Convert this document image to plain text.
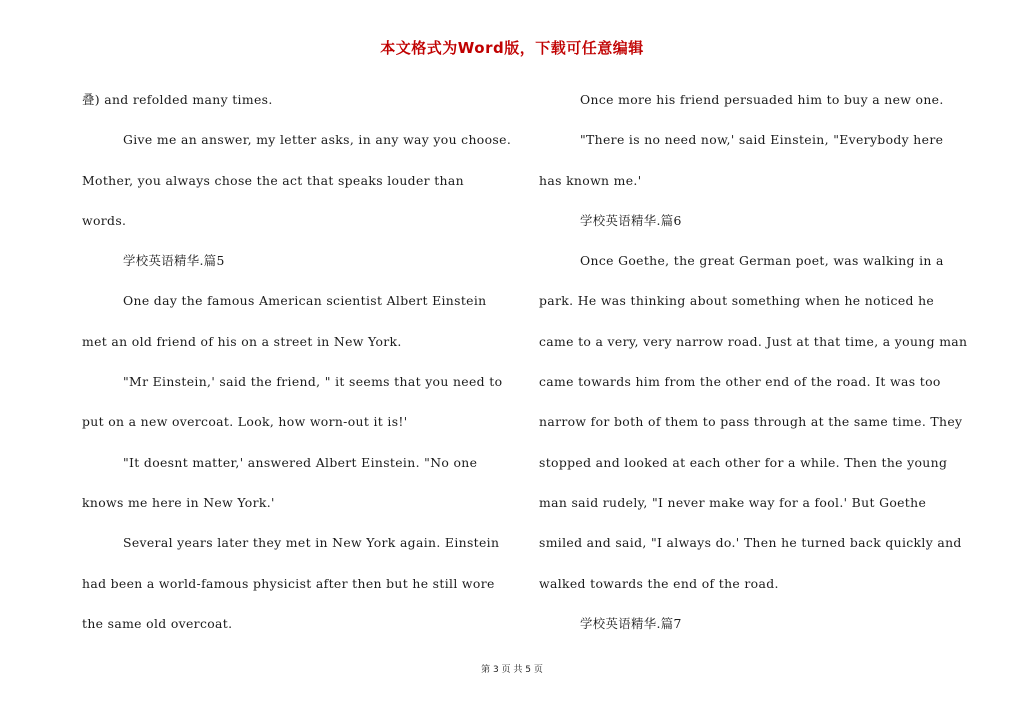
本文格式为Word版，下载可任意编辑

叠) and refolded many times.

Give me an answer, my letter asks, in any way you choose. Mother, you always chose the act that speaks louder than words.

学校英语精华.篇5

One day the famous American scientist Albert Einstein met an old friend of his on a street in New York.

"Mr Einstein,' said the friend, " it seems that you need to put on a new overcoat. Look, how worn-out it is!'

"It doesnt matter,' answered Albert Einstein. "No one knows me here in New York.'

Several years later they met in New York again. Einstein had been a world-famous physicist after then but he still wore the same old overcoat.

Once more his friend persuaded him to buy a new one.

"There is no need now,' said Einstein, "Everybody here has known me.'

学校英语精华.篇6

Once Goethe, the great German poet, was walking in a park. He was thinking about something when he noticed he came to a very, very narrow road. Just at that time, a young man came towards him from the other end of the road. It was too narrow for both of them to pass through at the same time. They stopped and looked at each other for a while. Then the young man said rudely, "I never make way for a fool.' But Goethe smiled and said, "I always do.' Then he turned back quickly and walked towards the end of the road.

学校英语精华.篇7

第 3 页 共 5 页
